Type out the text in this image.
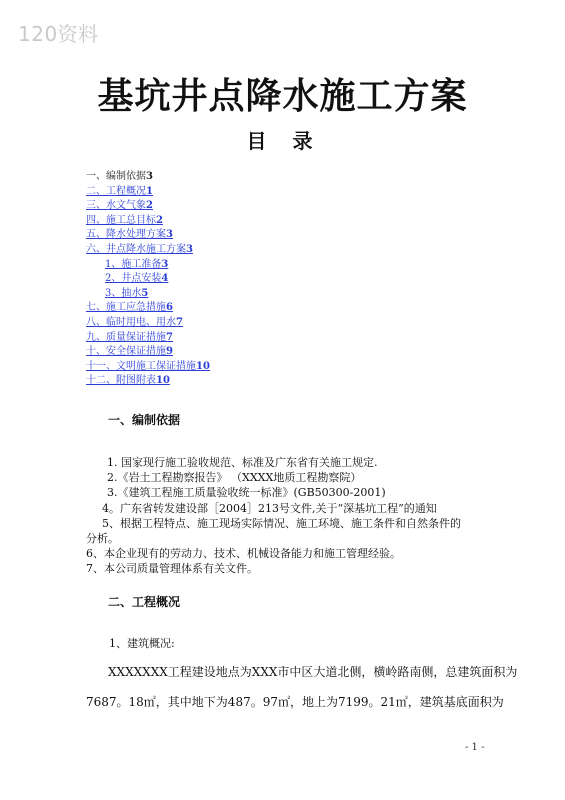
120资料
基坑井点降水施工方案
目录
一、编制依据3
二、工程概况1
三、水文气象2
四、施工总目标2
五、降水处理方案3
六、井点降水施工方案3
1、施工准备3
2、井点安装4
3、抽水5
七、施工应急措施6
八、临时用电、用水7
九、质量保证措施7
十、安全保证措施9
十一、文明施工保证措施10
十二、附图附表10
一、编制依据
1. 国家现行施工验收规范、标准及广东省有关施工规定.
2.《岩土工程勘察报告》 （XXXX地质工程勘察院）
3.《建筑工程施工质量验收统一标准》(GB50300-2001)
4。广东省转发建设部［2004］213号文件,关于“深基坑工程”的通知
5、根据工程特点、施工现场实际情况、施工环境、施工条件和自然条件的
分析。
6、本企业现有的劳动力、技术、机械设备能力和施工管理经验。
7、本公司质量管理体系有关文件。
二、工程概况
1、建筑概况:
XXXXXXX工程建设地点为XXX市中区大道北侧，横岭路南侧，总建筑面积为
7687。18㎡，其中地下为487。97㎡，地上为7199。21㎡，建筑基底面积为
- 1 -
